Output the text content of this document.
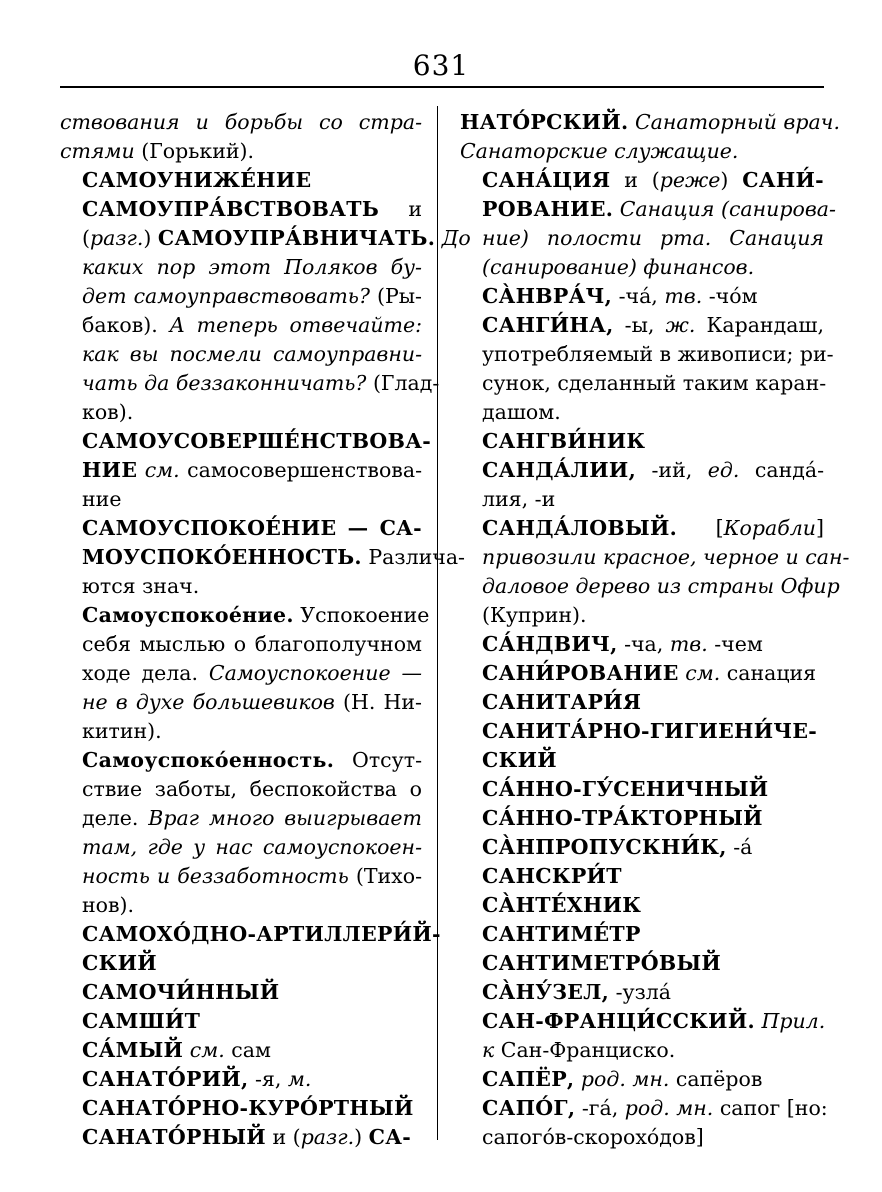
631
ствования и борьбы со стра-
стями (Горький).
САМОУНИЖЕ́НИЕ
САМОУПРА́ВСТВОВАТЬ и
(разг.) САМОУПРА́ВНИЧАТЬ. До
каких пор этот Поляков бу-
дет самоуправствовать? (Ры-
баков). А теперь отвечайте:
как вы посмели самоуправни-
чать да беззаконничать? (Глад-
ков).
САМОУСОВЕРШЕ́НСТВОВА-
НИЕ см. самосовершенствова-
ние
САМОУСПОКОЕ́НИЕ — СА-
МОУСПОКО́ЕННОСТЬ. Различа-
ются знач.
Самоуспокое́ние. Успокоение
себя мыслью о благополучном
ходе дела. Самоуспокоение —
не в духе большевиков (Н. Ни-
китин).
Самоуспоко́енность. Отсут-
ствие заботы, беспокойства о
деле. Враг много выигрывает
там, где у нас самоуспокоен-
ность и беззаботность (Тихо-
нов).
САМОХО́ДНО-АРТИЛЛЕРИ́Й-
СКИЙ
САМОЧИ́ННЫЙ
САМШИ́Т
СА́МЫЙ см. сам
САНАТО́РИЙ, -я, м.
САНАТО́РНО-КУРО́РТНЫЙ
САНАТО́РНЫЙ и (разг.) СА-
НАТО́РСКИЙ. Санаторный врач.
Санаторские служащие.
САНА́ЦИЯ и (реже) САНИ́-
РОВАНИЕ. Санация (санирова-
ние) полости рта. Санация
(санирование) финансов.
СА̀НВРА́Ч, -ча́, тв. -чо́м
САНГИ́НА, -ы, ж. Карандаш,
употребляемый в живописи; ри-
сунок, сделанный таким каран-
дашом.
САНГВИ́НИК
САНДА́ЛИИ, -ий, ед. санда́-
лия, -и
САНДА́ЛОВЫЙ. [Корабли]
привозили красное, черное и сан-
даловое дерево из страны Офир
(Куприн).
СА́НДВИЧ, -ча, тв. -чем
САНИ́РОВАНИЕ см. санация
САНИТАРИ́Я
САНИТА́РНО-ГИГИЕНИ́ЧЕ-
СКИЙ
СА́ННО-ГУ́СЕНИЧНЫЙ
СА́ННО-ТРА́КТОРНЫЙ
СА̀НПРОПУСКНИ́К, -а́
САНСКРИ́Т
СА̀НТЕ́ХНИК
САНТИМЕ́ТР
САНТИМЕТРО́ВЫЙ
СА̀НУ́ЗЕЛ, -узла́
САН-ФРАНЦИ́ССКИЙ. Прил.
к Сан-Франциско.
САПЁР, род. мн. сапёров
САПО́Г, -га́, род. мн. сапог [но:
сапого́в-скорохо́дов]
